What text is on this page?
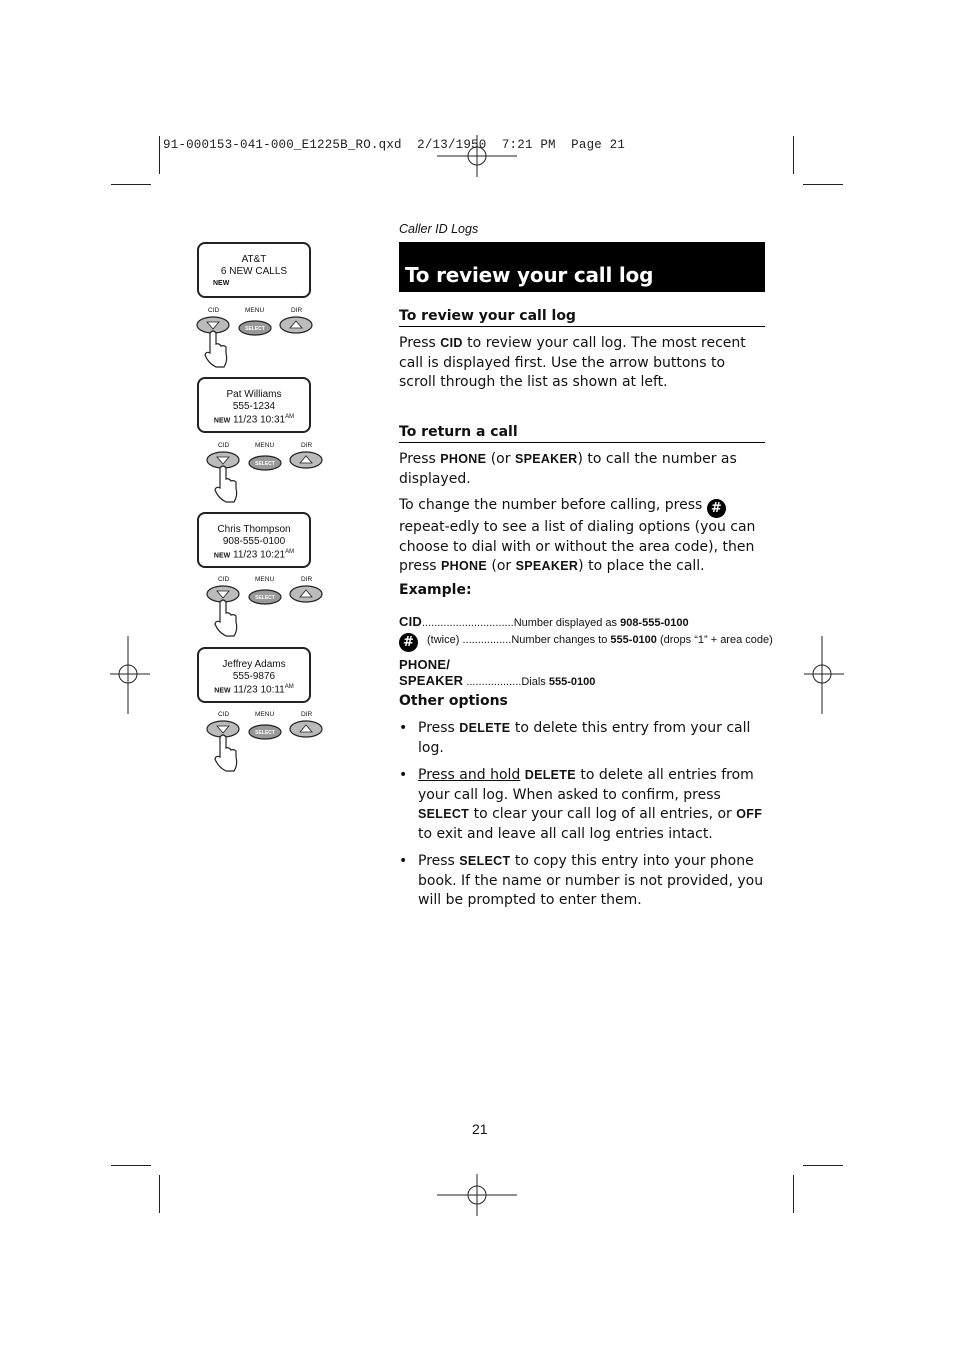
91-000153-041-000_E1225B_RO.qxd  2/13/1950  7:21 PM  Page 21
Caller ID Logs
To review your call log
To review your call log
Press CID to review your call log. The most recent call is displayed first. Use the arrow buttons to scroll through the list as shown at left.
To return a call
Press PHONE (or SPEAKER) to call the number as displayed.
To change the number before calling, press # repeat-edly to see a list of dialing options (you can choose to dial with or without the area code), then press PHONE (or SPEAKER) to place the call.
Example:
CID..............................Number displayed as 908-555-0100
# (twice) ................Number changes to 555-0100 (drops “1” + area code)
PHONE/
SPEAKER ..................Dials 555-0100
Other options
• Press DELETE to delete this entry from your call log.
• Press and hold DELETE to delete all entries from your call log. When asked to confirm, press SELECT to clear your call log of all entries, or OFF to exit and leave all call log entries intact.
• Press SELECT to copy this entry into your phone book. If the name or number is not provided, you will be prompted to enter them.
21
AT&T
6 NEW CALLS
NEW
Pat Williams
555-1234
NEW 11/23 $10:31^{AM}$
Chris Thompson
908-555-0100
NEW 11/23 $10:21^{AM}$
Jeffrey Adams
555-9876
NEW 11/23 $10:11^{AM}$
CID	MENU	DIR
SELECT
CID	MENU	DIR
SELECT
CID	MENU	DIR
SELECT
CID	MENU	DIR
SELECT
